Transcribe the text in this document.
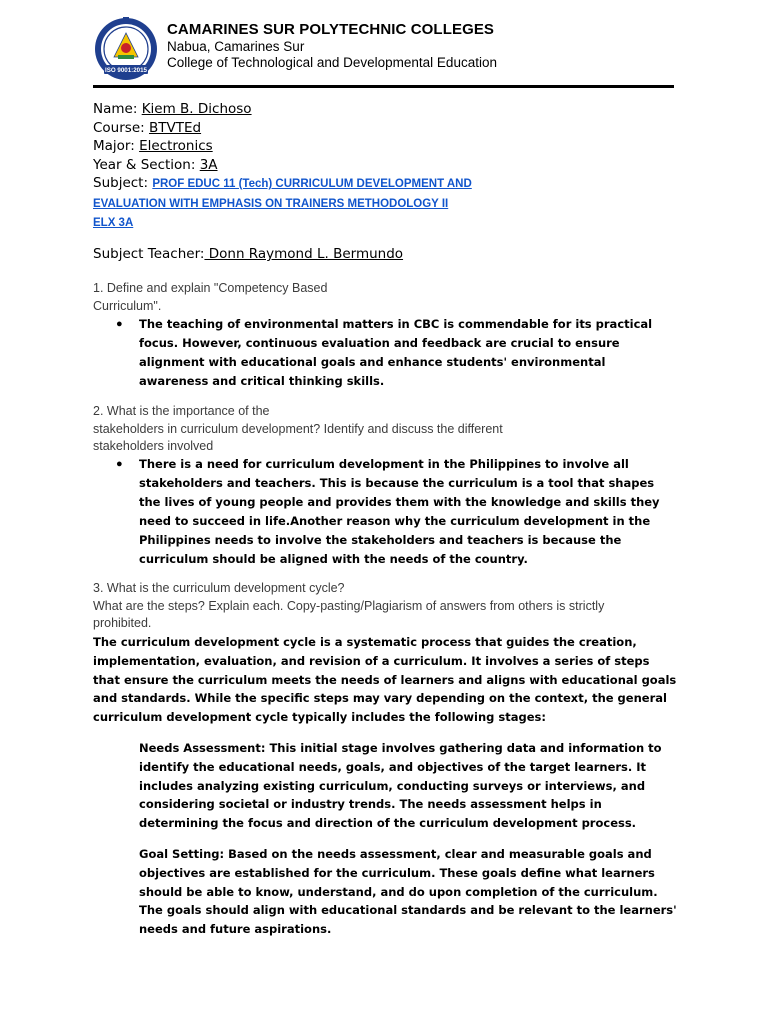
ISO 9001:2015
CAMARINES SUR POLYTECHNIC COLLEGES
Nabua, Camarines Sur
College of Technological and Developmental Education
Name: Kiem B. Dichoso
Course: BTVTEd
Major: Electronics
Year & Section: 3A
Subject: PROF EDUC 11 (Tech) CURRICULUM DEVELOPMENT AND
EVALUATION WITH EMPHASIS ON TRAINERS METHODOLOGY II
ELX 3A
Subject Teacher: Donn Raymond L. Bermundo
1. Define and explain "Competency Based
Curriculum".
● The teaching of environmental matters in CBC is commendable for its practical focus. However, continuous evaluation and feedback are crucial to ensure alignment with educational goals and enhance students' environmental awareness and critical thinking skills.
2. What is the importance of the
stakeholders in curriculum development? Identify and discuss the different
stakeholders involved
● There is a need for curriculum development in the Philippines to involve all stakeholders and teachers. This is because the curriculum is a tool that shapes the lives of young people and provides them with the knowledge and skills they need to succeed in life.Another reason why the curriculum development in the Philippines needs to involve the stakeholders and teachers is because the curriculum should be aligned with the needs of the country.
3. What is the curriculum development cycle?
What are the steps? Explain each. Copy-pasting/Plagiarism of answers from others is strictly prohibited.
The curriculum development cycle is a systematic process that guides the creation, implementation, evaluation, and revision of a curriculum. It involves a series of steps that ensure the curriculum meets the needs of learners and aligns with educational goals and standards. While the specific steps may vary depending on the context, the general curriculum development cycle typically includes the following stages:
Needs Assessment: This initial stage involves gathering data and information to identify the educational needs, goals, and objectives of the target learners. It includes analyzing existing curriculum, conducting surveys or interviews, and considering societal or industry trends. The needs assessment helps in determining the focus and direction of the curriculum development process.
Goal Setting: Based on the needs assessment, clear and measurable goals and objectives are established for the curriculum. These goals define what learners should be able to know, understand, and do upon completion of the curriculum. The goals should align with educational standards and be relevant to the learners' needs and future aspirations.
